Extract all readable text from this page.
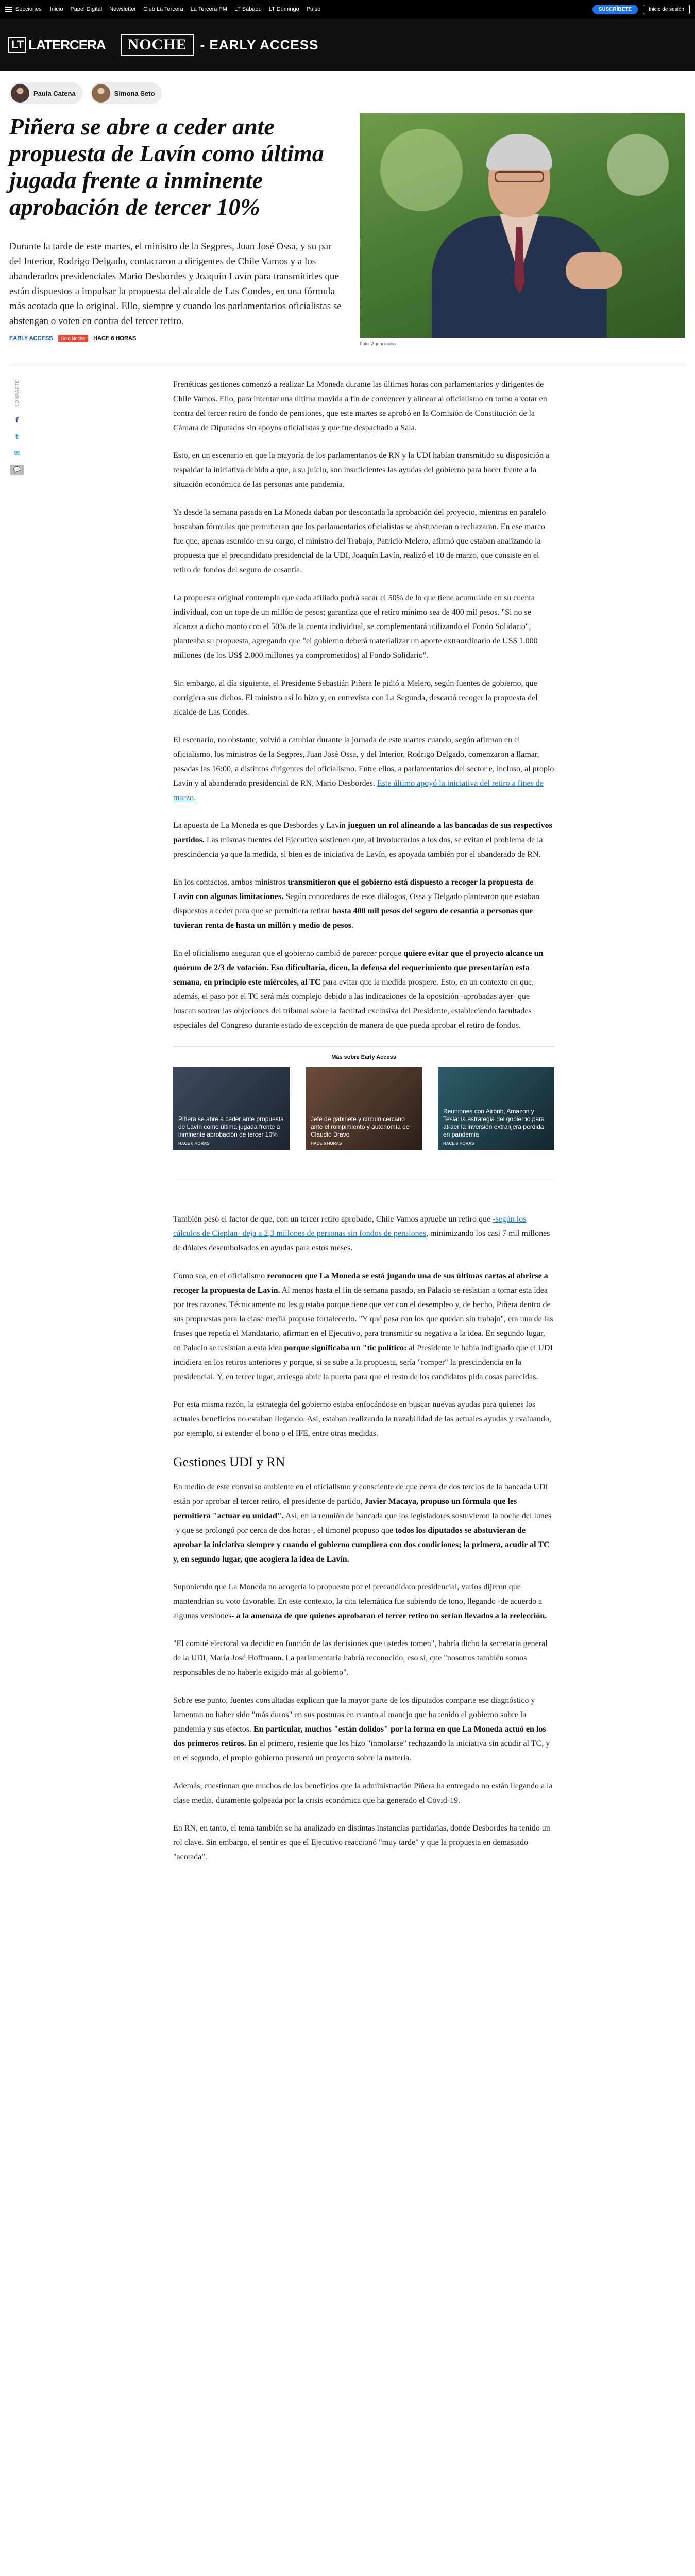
Secciones Inicio Papel Digital Newsletter Club La Tercera La Tercera PM LT Sábado LT Domingo Pulso	SUSCRÍBETE	Inicio de sesión
LT LATERCERA	NOCHE	- EARLY ACCESS
Paula Catena	Simona Seto
Piñera se abre a ceder ante propuesta de Lavín como última jugada frente a inminente aprobación de tercer 10%

Durante la tarde de este martes, el ministro de la Segpres, Juan José Ossa, y su par del Interior, Rodrigo Delgado, contactaron a dirigentes de Chile Vamos y a los abanderados presidenciales Mario Desbordes y Joaquín Lavín para transmitirles que están dispuestos a impulsar la propuesta del alcalde de Las Condes, en una fórmula más acotada que la original. Ello, siempre y cuando los parlamentarios oficialistas se abstengan o voten en contra del tercer retiro.

EARLY ACCESS	Solo Noche	HACE 6 HORAS
Foto: Agenciauno
COMPARTE
f
t
✉
💬

Frenéticas gestiones comenzó a realizar La Moneda durante las últimas horas con parlamentarios y dirigentes de Chile Vamos. Ello, para intentar una última movida a fin de convencer y alinear al oficialismo en torno a votar en contra del tercer retiro de fondo de pensiones, que este martes se aprobó en la Comisión de Constitución de la Cámara de Diputados sin apoyos oficialistas y que fue despachado a Sala.

Esto, en un escenario en que la mayoría de los parlamentarios de RN y la UDI habían transmitido su disposición a respaldar la iniciativa debido a que, a su juicio, son insuficientes las ayudas del gobierno para hacer frente a la situación económica de las personas ante pandemia.

Ya desde la semana pasada en La Moneda daban por descontada la aprobación del proyecto, mientras en paralelo buscaban fórmulas que permitieran que los parlamentarios oficialistas se abstuvieran o rechazaran. En ese marco fue que, apenas asumido en su cargo, el ministro del Trabajo, Patricio Melero, afirmó que estaban analizando la propuesta que el precandidato presidencial de la UDI, Joaquín Lavín, realizó el 10 de marzo, que consiste en el retiro de fondos del seguro de cesantía.

La propuesta original contempla que cada afiliado podrá sacar el 50% de lo que tiene acumulado en su cuenta individual, con un tope de un millón de pesos; garantiza que el retiro mínimo sea de 400 mil pesos. "Si no se alcanza a dicho monto con el 50% de la cuenta individual, se complementará utilizando el Fondo Solidario", planteaba su propuesta, agregando que "el gobierno deberá materializar un aporte extraordinario de US$ 1.000 millones (de los US$ 2.000 millones ya comprometidos) al Fondo Solidario".

Sin embargo, al día siguiente, el Presidente Sebastián Piñera le pidió a Melero, según fuentes de gobierno, que corrigiera sus dichos. El ministro así lo hizo y, en entrevista con La Segunda, descartó recoger la propuesta del alcalde de Las Condes.

El escenario, no obstante, volvió a cambiar durante la jornada de este martes cuando, según afirman en el oficialismo, los ministros de la Segpres, Juan José Ossa, y del Interior, Rodrigo Delgado, comenzaron a llamar, pasadas las 16:00, a distintos dirigentes del oficialismo. Entre ellos, a parlamentarios del sector e, incluso, al propio Lavín y al abanderado presidencial de RN, Mario Desbordes. Este último apoyó la iniciativa del retiro a fines de marzo.

La apuesta de La Moneda es que Desbordes y Lavín jueguen un rol alineando a las bancadas de sus respectivos partidos. Las mismas fuentes del Ejecutivo sostienen que, al involucrarlos a los dos, se evitan el problema de la prescindencia ya que la medida, si bien es de iniciativa de Lavín, es apoyada también por el abanderado de RN.

En los contactos, ambos ministros transmitieron que el gobierno está dispuesto a recoger la propuesta de Lavín con algunas limitaciones. Según conocedores de esos diálogos, Ossa y Delgado plantearon que estaban dispuestos a ceder para que se permitiera retirar hasta 400 mil pesos del seguro de cesantía a personas que tuvieran renta de hasta un millón y medio de pesos.

En el oficialismo aseguran que el gobierno cambió de parecer porque quiere evitar que el proyecto alcance un quórum de 2/3 de votación. Eso dificultaría, dicen, la defensa del requerimiento que presentarían esta semana, en principio este miércoles, al TC para evitar que la medida prospere. Esto, en un contexto en que, además, el paso por el TC será más complejo debido a las indicaciones de la oposición -aprobadas ayer- que buscan sortear las objeciones del tribunal sobre la facultad exclusiva del Presidente, estableciendo facultades especiales del Congreso durante estado de excepción de manera de que pueda aprobar el retiro de fondos.

Más sobre Early Access
Piñera se abre a ceder ante propuesta de Lavín como última jugada frente a inminente aprobación de tercer 10%
HACE 6 HORAS
Jefe de gabinete y círculo cercano ante el rompimiento y autonomía de Claudio Bravo
HACE 6 HORAS
Reuniones con Airbnb, Amazon y Tesla: la estrategia del gobierno para atraer la inversión extranjera perdida en pandemia
HACE 6 HORAS

También pesó el factor de que, con un tercer retiro aprobado, Chile Vamos apruebe un retiro que -según los cálculos de Cieplan- deja a 2,3 millones de personas sin fondos de pensiones, minimizando los casi 7 mil millones de dólares desembolsados en ayudas para estos meses.

Como sea, en el oficialismo reconocen que La Moneda se está jugando una de sus últimas cartas al abrirse a recoger la propuesta de Lavín. Al menos hasta el fin de semana pasado, en Palacio se resistían a tomar esta idea por tres razones. Técnicamente no les gustaba porque tiene que ver con el desempleo y, de hecho, Piñera dentro de sus propuestas para la clase media propuso fortalecerlo. "Y qué pasa con los que quedan sin trabajo", era una de las frases que repetía el Mandatario, afirman en el Ejecutivo, para transmitir su negativa a la idea. En segundo lugar, en Palacio se resistían a esta idea porque significaba un "tic político: al Presidente le había indignado que el UDI incidiera en los retiros anteriores y porque, si se sube a la propuesta, sería "romper" la prescindencia en la presidencial. Y, en tercer lugar, arriesga abrir la puerta para que el resto de los candidatos pida cosas parecidas.

Por esta misma razón, la estrategia del gobierno estaba enfocándose en buscar nuevas ayudas para quienes los actuales beneficios no estaban llegando. Así, estaban realizando la trazabilidad de las actuales ayudas y evaluando, por ejemplo, si extender el bono o el IFE, entre otras medidas.

Gestiones UDI y RN

En medio de este convulso ambiente en el oficialismo y consciente de que cerca de dos tercios de la bancada UDI están por aprobar el tercer retiro, el presidente de partido, Javier Macaya, propuso un fórmula que les permitiera "actuar en unidad". Así, en la reunión de bancada que los legisladores sostuvieron la noche del lunes -y que se prolongó por cerca de dos horas-, el timonel propuso que todos los diputados se abstuvieran de aprobar la iniciativa siempre y cuando el gobierno cumpliera con dos condiciones; la primera, acudir al TC y, en segundo lugar, que acogiera la idea de Lavín.

Suponiendo que La Moneda no acogería lo propuesto por el precandidato presidencial, varios dijeron que mantendrían su voto favorable. En este contexto, la cita telemática fue subiendo de tono, llegando -de acuerdo a algunas versiones- a la amenaza de que quienes aprobaran el tercer retiro no serían llevados a la reelección.

"El comité electoral va decidir en función de las decisiones que ustedes tomen", habría dicho la secretaria general de la UDI, María José Hoffmann. La parlamentaria habría reconocido, eso sí, que "nosotros también somos responsables de no haberle exigido más al gobierno".

Sobre ese punto, fuentes consultadas explican que la mayor parte de los diputados comparte ese diagnóstico y lamentan no haber sido "más duros" en sus posturas en cuanto al manejo que ha tenido el gobierno sobre la pandemia y sus efectos. En particular, muchos "están dolidos" por la forma en que La Moneda actuó en los dos primeros retiros. En el primero, resiente que los hizo "inmolarse" rechazando la iniciativa sin acudir al TC, y en el segundo, el propio gobierno presentó un proyecto sobre la materia.

Además, cuestionan que muchos de los beneficios que la administración Piñera ha entregado no están llegando a la clase media, duramente golpeada por la crisis económica que ha generado el Covid-19.

En RN, en tanto, el tema también se ha analizado en distintas instancias partidarias, donde Desbordes ha tenido un rol clave. Sin embargo, el sentir es que el Ejecutivo reaccionó "muy tarde" y que la propuesta en demasiado "acotada".
